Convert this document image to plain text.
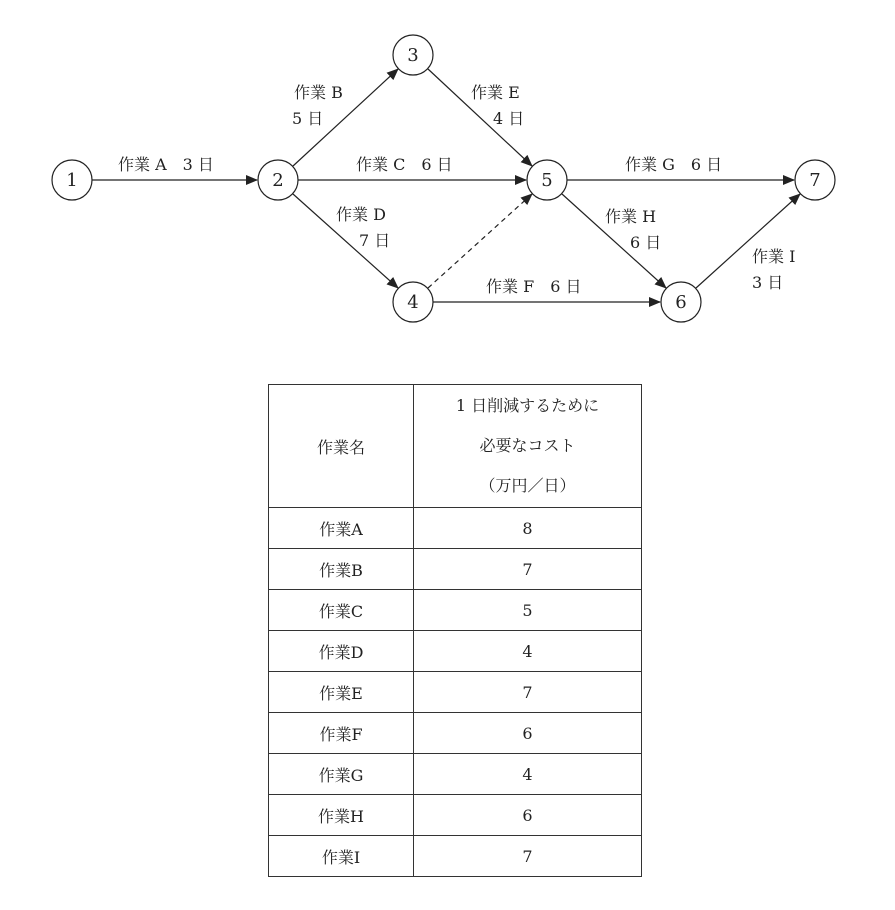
1	2
3
4
5
6
7
作業 A　3 日
作業 B
5 日
作業 C　6 日
作業 D
7 日
作業 E
4 日
作業 F　6 日
作業 G　6 日
作業 H
6 日
作業 I
3 日
作業名	1 日削減するために
必要なコスト
（万円／日）

作業A	8
作業B	7
作業C	5
作業D	4
作業E	7
作業F	6
作業G	4
作業H	6
作業I	7
